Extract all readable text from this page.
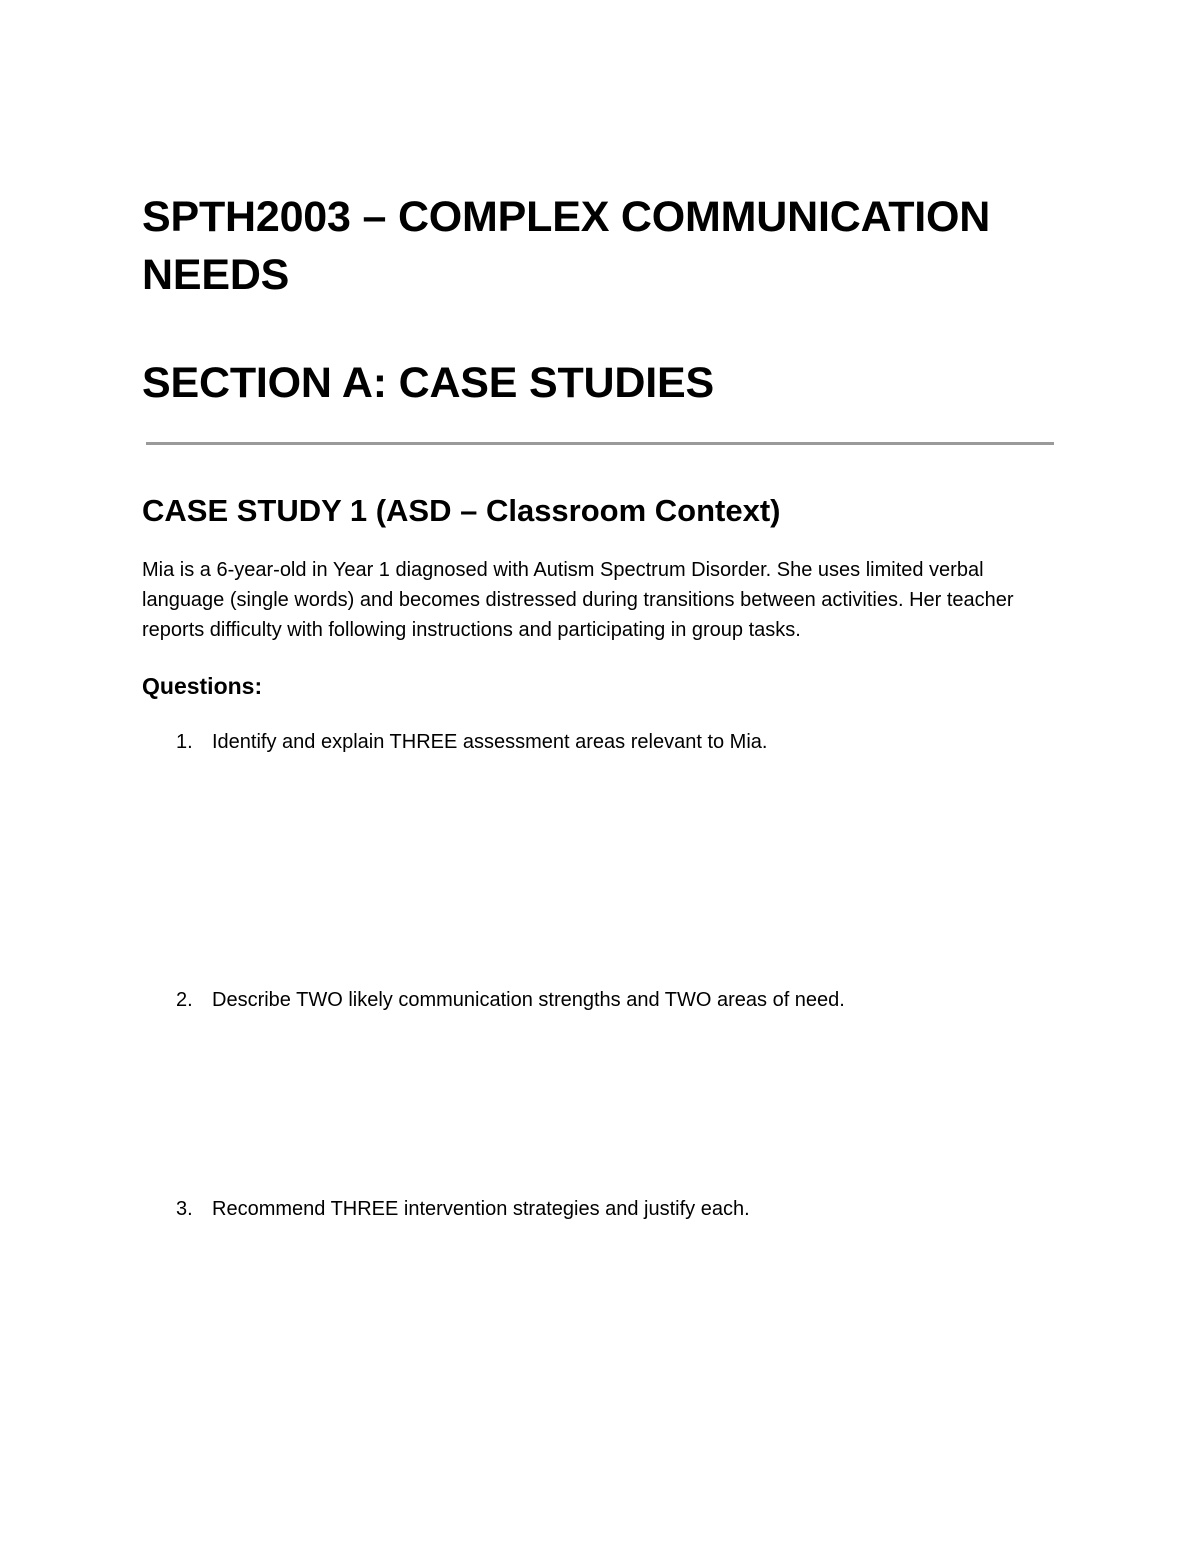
SPTH2003 – COMPLEX COMMUNICATION NEEDS
SECTION A: CASE STUDIES
CASE STUDY 1 (ASD – Classroom Context)

Mia is a 6-year-old in Year 1 diagnosed with Autism Spectrum Disorder. She uses limited verbal language (single words) and becomes distressed during transitions between activities. Her teacher reports difficulty with following instructions and participating in group tasks.

Questions:
1. Identify and explain THREE assessment areas relevant to Mia.
2. Describe TWO likely communication strengths and TWO areas of need.
3. Recommend THREE intervention strategies and justify each.
